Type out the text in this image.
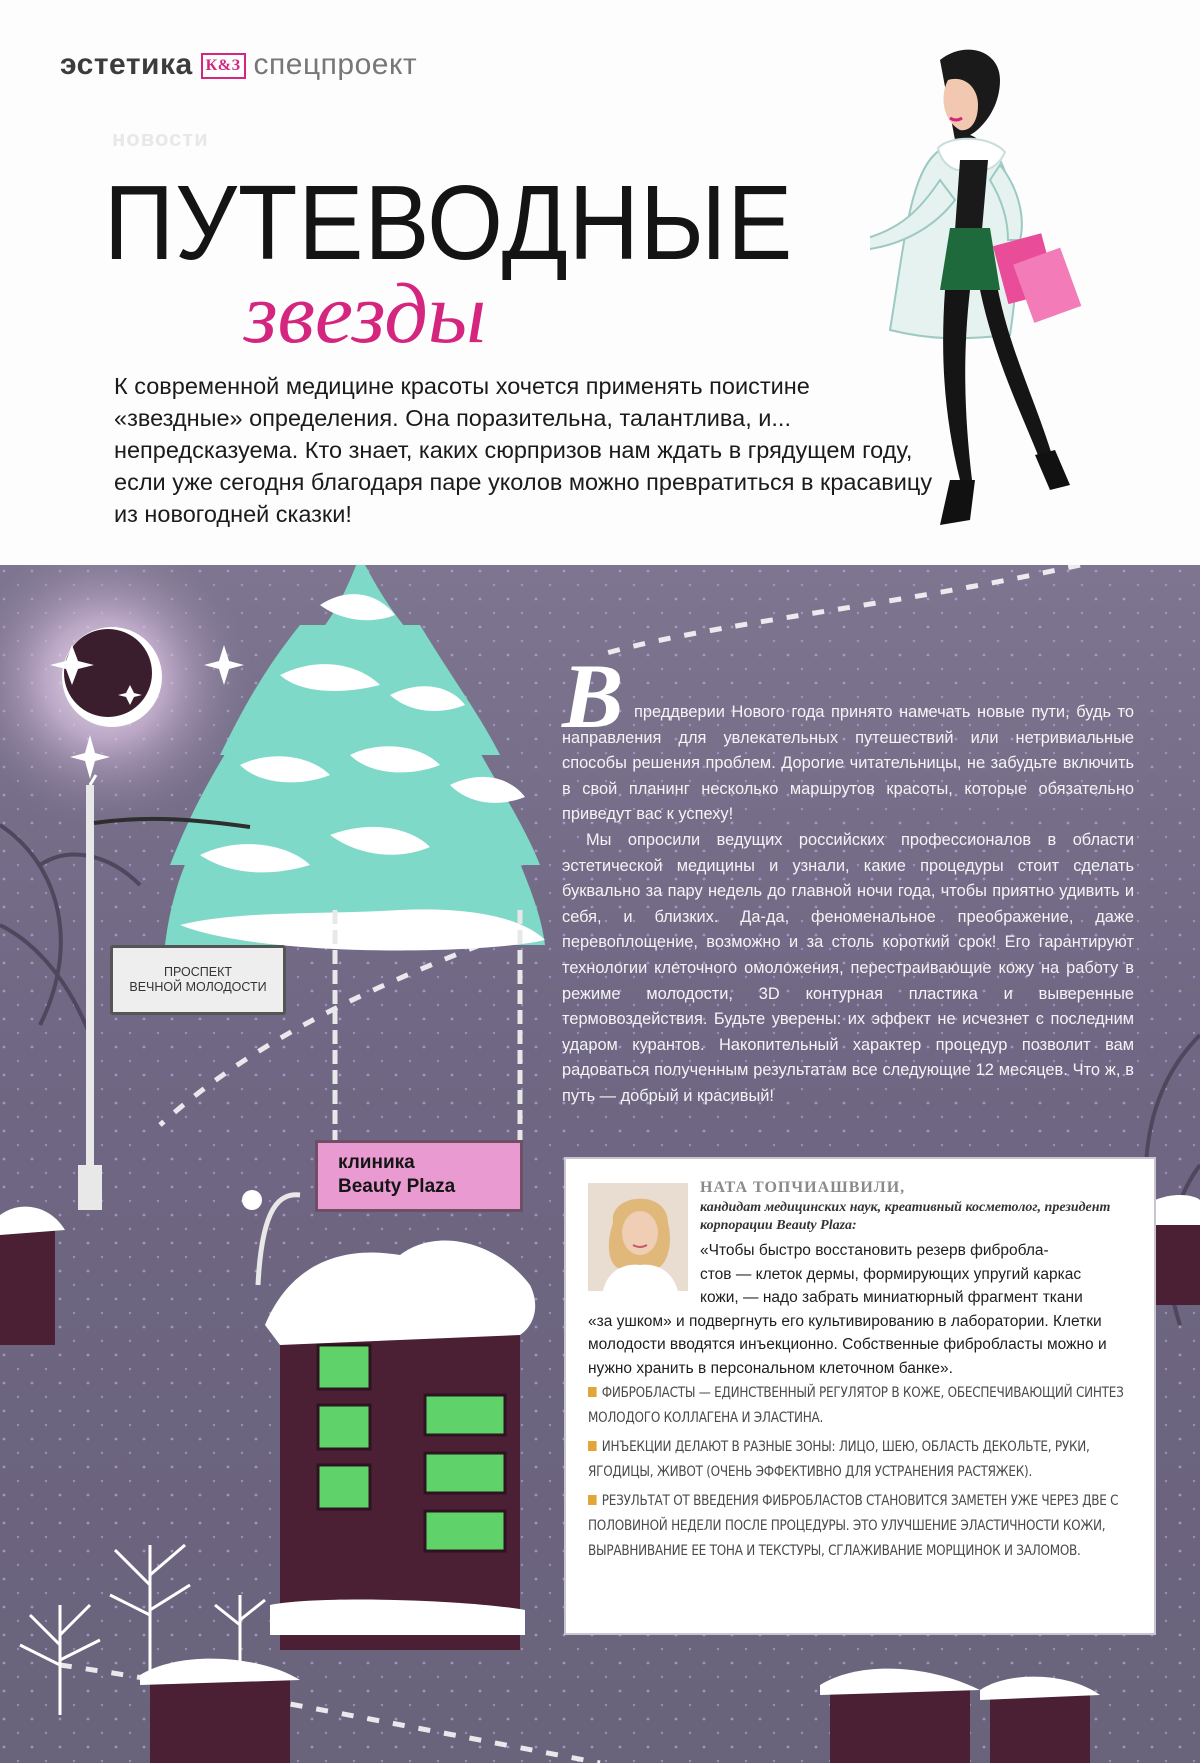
эстетика К&З спецпроект
новости
ПУТЕВОДНЫЕ
звезды
К современной медицине красоты хочется применять поистине «звездные» определения. Она поразительна, талантлива, и... непредсказуема. Кто знает, каких сюрпризов нам ждать в грядущем году, если уже сегодня благодаря паре уколов можно превратиться в красавицу из новогодней сказки!
ПРОСПЕКТ
ВЕЧНОЙ МОЛОДОСТИ
клиника
Beauty Plaza
В преддверии Нового года принято намечать новые пути, будь то направления для увлекательных путешествий или нетривиальные способы решения проблем. Дорогие читательницы, не забудьте включить в свой планинг несколько маршрутов красоты, которые обязательно приведут вас к успеху!

Мы опросили ведущих российских профессионалов в области эстетической медицины и узнали, какие процедуры стоит сделать буквально за пару недель до главной ночи года, чтобы приятно удивить и себя, и близких. Да-да, феноменальное преображение, даже перевоплощение, возможно и за столь короткий срок! Его гарантируют технологии клеточного омоложения, перестраивающие кожу на работу в режиме молодости, 3D контурная пластика и выверенные термовоздействия. Будьте уверены: их эффект не исчезнет с последним ударом курантов. Накопительный характер процедур позволит вам радоваться полученным результатам все следующие 12 месяцев. Что ж, в путь — добрый и красивый!

НАТА ТОПЧИАШВИЛИ,
кандидат медицинских наук, креативный косметолог, президент корпорации Beauty Plaza:
«Чтобы быстро восстановить резерв фибробла-
стов — клеток дермы, формирующих упругий каркас
кожи, — надо забрать миниатюрный фрагмент ткани
«за ушком» и подвергнуть его культивированию в лаборатории. Клетки молодости вводятся инъекционно. Собственные фибробласты можно и нужно хранить в персональном клеточном банке».
ФИБРОБЛАСТЫ — ЕДИНСТВЕННЫЙ РЕГУЛЯТОР В КОЖЕ, ОБЕСПЕЧИВАЮЩИЙ СИНТЕЗ МОЛОДОГО КОЛЛАГЕНА И ЭЛАСТИНА.
ИНЪЕКЦИИ ДЕЛАЮТ В РАЗНЫЕ ЗОНЫ: ЛИЦО, ШЕЮ, ОБЛАСТЬ ДЕКОЛЬТЕ, РУКИ, ЯГОДИЦЫ, ЖИВОТ (ОЧЕНЬ ЭФФЕКТИВНО ДЛЯ УСТРАНЕНИЯ РАСТЯЖЕК).
РЕЗУЛЬТАТ ОТ ВВЕДЕНИЯ ФИБРОБЛАСТОВ СТАНОВИТСЯ ЗАМЕТЕН УЖЕ ЧЕРЕЗ ДВЕ С ПОЛОВИНОЙ НЕДЕЛИ ПОСЛЕ ПРОЦЕДУРЫ. ЭТО УЛУЧШЕНИЕ ЭЛАСТИЧНОСТИ КОЖИ, ВЫРАВНИВАНИЕ ЕЕ ТОНА И ТЕКСТУРЫ, СГЛАЖИВАНИЕ МОРЩИНОК И ЗАЛОМОВ.
